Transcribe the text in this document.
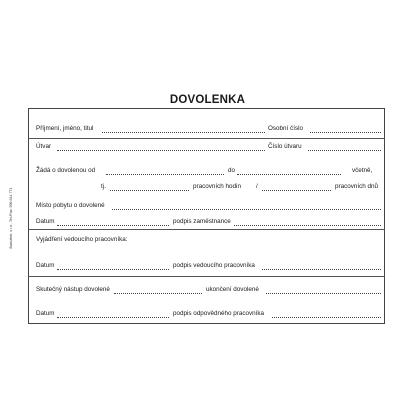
DOVOLENKA
Baloušek, s.r.o., Tel./Fax: 596 644 774
Příjmení, jméno, titul	Osobní číslo
Útvar	Číslo útvaru
Žádá o dovolenou od	do	včetně,
tj.	pracovních hodin /	pracovních dnů
Místo pobytu o dovolené
Datum	podpis zaměstnance
Vyjádření vedoucího pracovníka:
Datum	podpis vedoucího pracovníka
Skutečný nástup dovolené	ukončení dovolené
Datum	podpis odpovědného pracovníka
